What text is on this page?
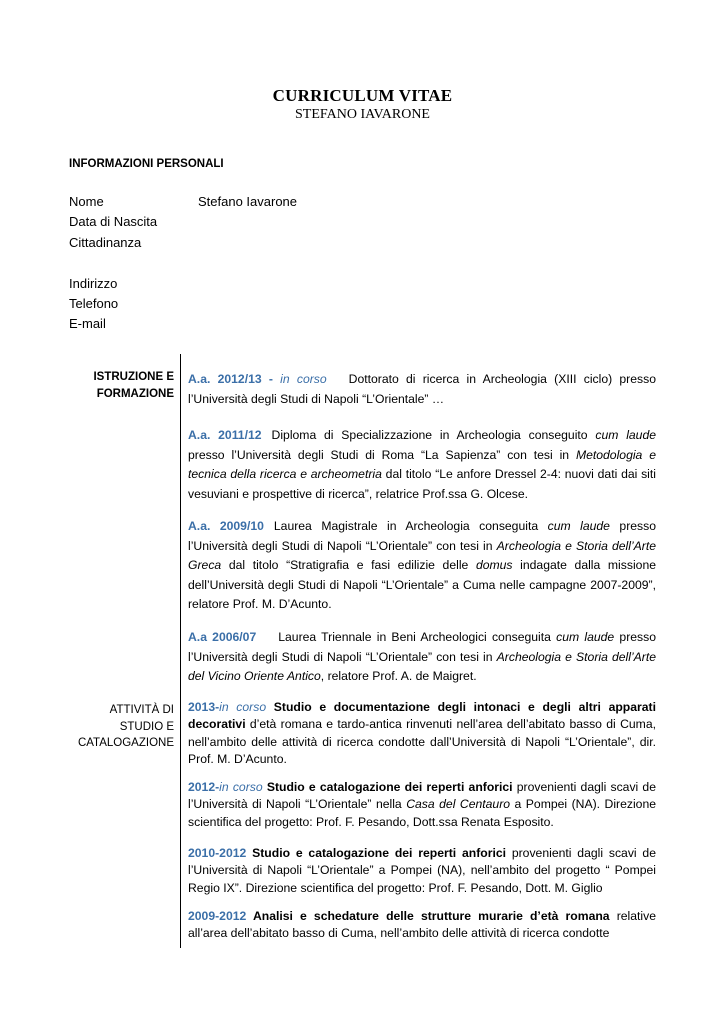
CURRICULUM VITAE
STEFANO IAVARONE
INFORMAZIONI PERSONALI
Nome	Stefano Iavarone
Data di Nascita
Cittadinanza
Indirizzo
Telefono
E-mail
ISTRUZIONE E
FORMAZIONE
A.a. 2012/13 - in corso Dottorato di ricerca in Archeologia (XIII ciclo) presso l’Università degli Studi di Napoli “L’Orientale” …
A.a. 2011/12 Diploma di Specializzazione in Archeologia conseguito cum laude presso l’Università degli Studi di Roma “La Sapienza” con tesi in Metodologia e tecnica della ricerca e archeometria dal titolo “Le anfore Dressel 2-4: nuovi dati dai siti vesuviani e prospettive di ricerca”, relatrice Prof.ssa G. Olcese.
A.a. 2009/10 Laurea Magistrale in Archeologia conseguita cum laude presso l’Università degli Studi di Napoli “L’Orientale” con tesi in Archeologia e Storia dell’Arte Greca dal titolo “Stratigrafia e fasi edilizie delle domus indagate dalla missione dell’Università degli Studi di Napoli “L’Orientale” a Cuma nelle campagne 2007-2009”, relatore Prof. M. D’Acunto.
A.a 2006/07 Laurea Triennale in Beni Archeologici conseguita cum laude presso l’Università degli Studi di Napoli “L’Orientale” con tesi in Archeologia e Storia dell’Arte del Vicino Oriente Antico, relatore Prof. A. de Maigret.
ATTIVITÀ DI
STUDIO E
CATALOGAZIONE
2013-in corso Studio e documentazione degli intonaci e degli altri apparati decorativi d’età romana e tardo-antica rinvenuti nell’area dell’abitato basso di Cuma, nell’ambito delle attività di ricerca condotte dall’Università di Napoli “L’Orientale”, dir. Prof. M. D’Acunto.
2012-in corso Studio e catalogazione dei reperti anforici provenienti dagli scavi de l’Università di Napoli “L’Orientale” nella Casa del Centauro a Pompei (NA). Direzione scientifica del progetto: Prof. F. Pesando, Dott.ssa Renata Esposito.
2010-2012 Studio e catalogazione dei reperti anforici provenienti dagli scavi de l’Università di Napoli “L’Orientale” a Pompei (NA), nell’ambito del progetto “ Pompei Regio IX”. Direzione scientifica del progetto: Prof. F. Pesando, Dott. M. Giglio
2009-2012 Analisi e schedature delle strutture murarie d’età romana relative all’area dell’abitato basso di Cuma, nell’ambito delle attività di ricerca condotte
